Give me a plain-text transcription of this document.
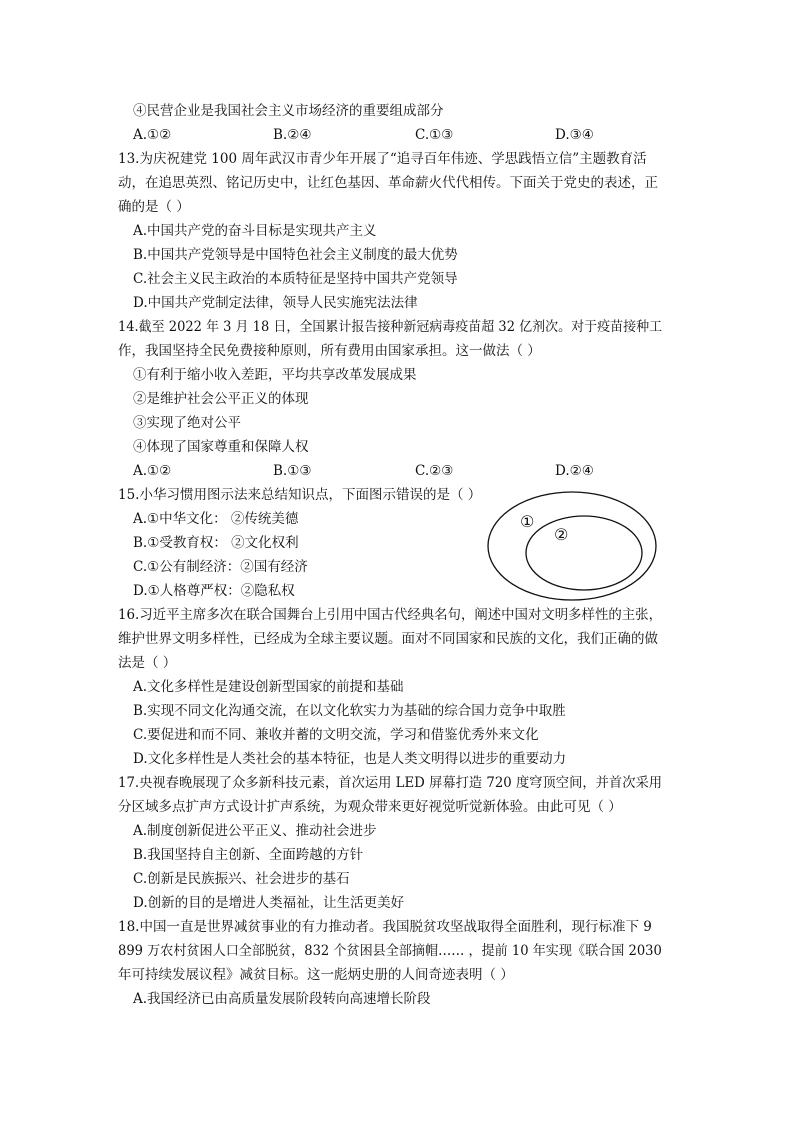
④民营企业是我国社会主义市场经济的重要组成部分
A.①②	B.②④	C.①③	D.③④
13.为庆祝建党 100 周年武汉市青少年开展了“追寻百年伟迹、学思践悟立信”主题教育活
动，在追思英烈、铭记历史中，让红色基因、革命薪火代代相传。下面关于党史的表述，正
确的是（ ）
A.中国共产党的奋斗目标是实现共产主义
B.中国共产党领导是中国特色社会主义制度的最大优势
C.社会主义民主政治的本质特征是坚持中国共产党领导
D.中国共产党制定法律，领导人民实施宪法法律
14.截至 2022 年 3 月 18 日，全国累计报告接种新冠病毒疫苗超 32 亿剂次。对于疫苗接种工
作，我国坚持全民免费接种原则，所有费用由国家承担。这一做法（ ）
①有利于缩小收入差距，平均共享改革发展成果
②是维护社会公平正义的体现
③实现了绝对公平
④体现了国家尊重和保障人权
A.①②	B.①③	C.②③	D.②④
15.小华习惯用图示法来总结知识点，下面图示错误的是（ ）
A.①中华文化： ②传统美德
B.①受教育权： ②文化权利
C.①公有制经济：②国有经济
D.①人格尊严权：②隐私权
①
②
16.习近平主席多次在联合国舞台上引用中国古代经典名句，阐述中国对文明多样性的主张，
维护世界文明多样性，已经成为全球主要议题。面对不同国家和民族的文化，我们正确的做
法是（ ）
A.文化多样性是建设创新型国家的前提和基础
B.实现不同文化沟通交流，在以文化软实力为基础的综合国力竞争中取胜
C.要促进和而不同、兼收并蓄的文明交流，学习和借鉴优秀外来文化
D.文化多样性是人类社会的基本特征，也是人类文明得以进步的重要动力
17.央视春晚展现了众多新科技元素，首次运用 LED 屏幕打造 720 度穹顶空间，并首次采用
分区域多点扩声方式设计扩声系统，为观众带来更好视觉听觉新体验。由此可见（ ）
A.制度创新促进公平正义、推动社会进步
B.我国坚持自主创新、全面跨越的方针
C.创新是民族振兴、社会进步的基石
D.创新的目的是增进人类福祉，让生活更美好
18.中国一直是世界减贫事业的有力推动者。我国脱贫攻坚战取得全面胜利，现行标准下 9
899 万农村贫困人口全部脱贫，832 个贫困县全部摘帽…… ，提前 10 年实现《联合国 2030
年可持续发展议程》减贫目标。这一彪炳史册的人间奇迹表明（ ）
A.我国经济已由高质量发展阶段转向高速增长阶段
